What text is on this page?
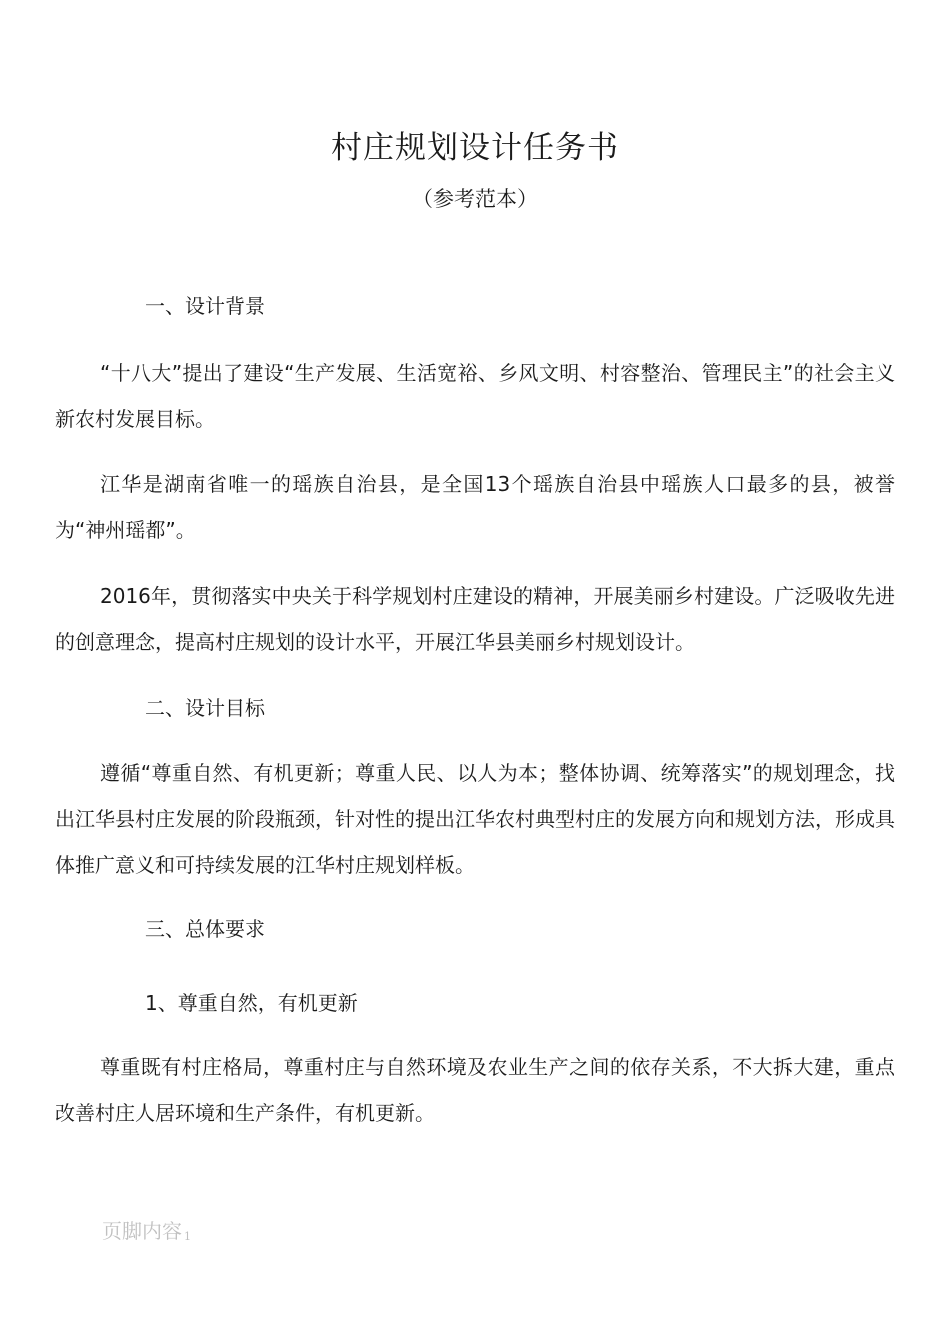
村庄规划设计任务书
（参考范本）
一、设计背景
“十八大”提出了建设“生产发展、生活宽裕、乡风文明、村容整治、管理民主”的社会主义新农村发展目标。
江华是湖南省唯一的瑶族自治县，是全国13个瑶族自治县中瑶族人口最多的县，被誉为“神州瑶都”。
2016年，贯彻落实中央关于科学规划村庄建设的精神，开展美丽乡村建设。广泛吸收先进的创意理念，提高村庄规划的设计水平，开展江华县美丽乡村规划设计。
二、设计目标
遵循“尊重自然、有机更新；尊重人民、以人为本；整体协调、统筹落实”的规划理念，找出江华县村庄发展的阶段瓶颈，针对性的提出江华农村典型村庄的发展方向和规划方法，形成具体推广意义和可持续发展的江华村庄规划样板。
三、总体要求
1、尊重自然，有机更新
尊重既有村庄格局，尊重村庄与自然环境及农业生产之间的依存关系，不大拆大建，重点改善村庄人居环境和生产条件，有机更新。
页脚内容 1
